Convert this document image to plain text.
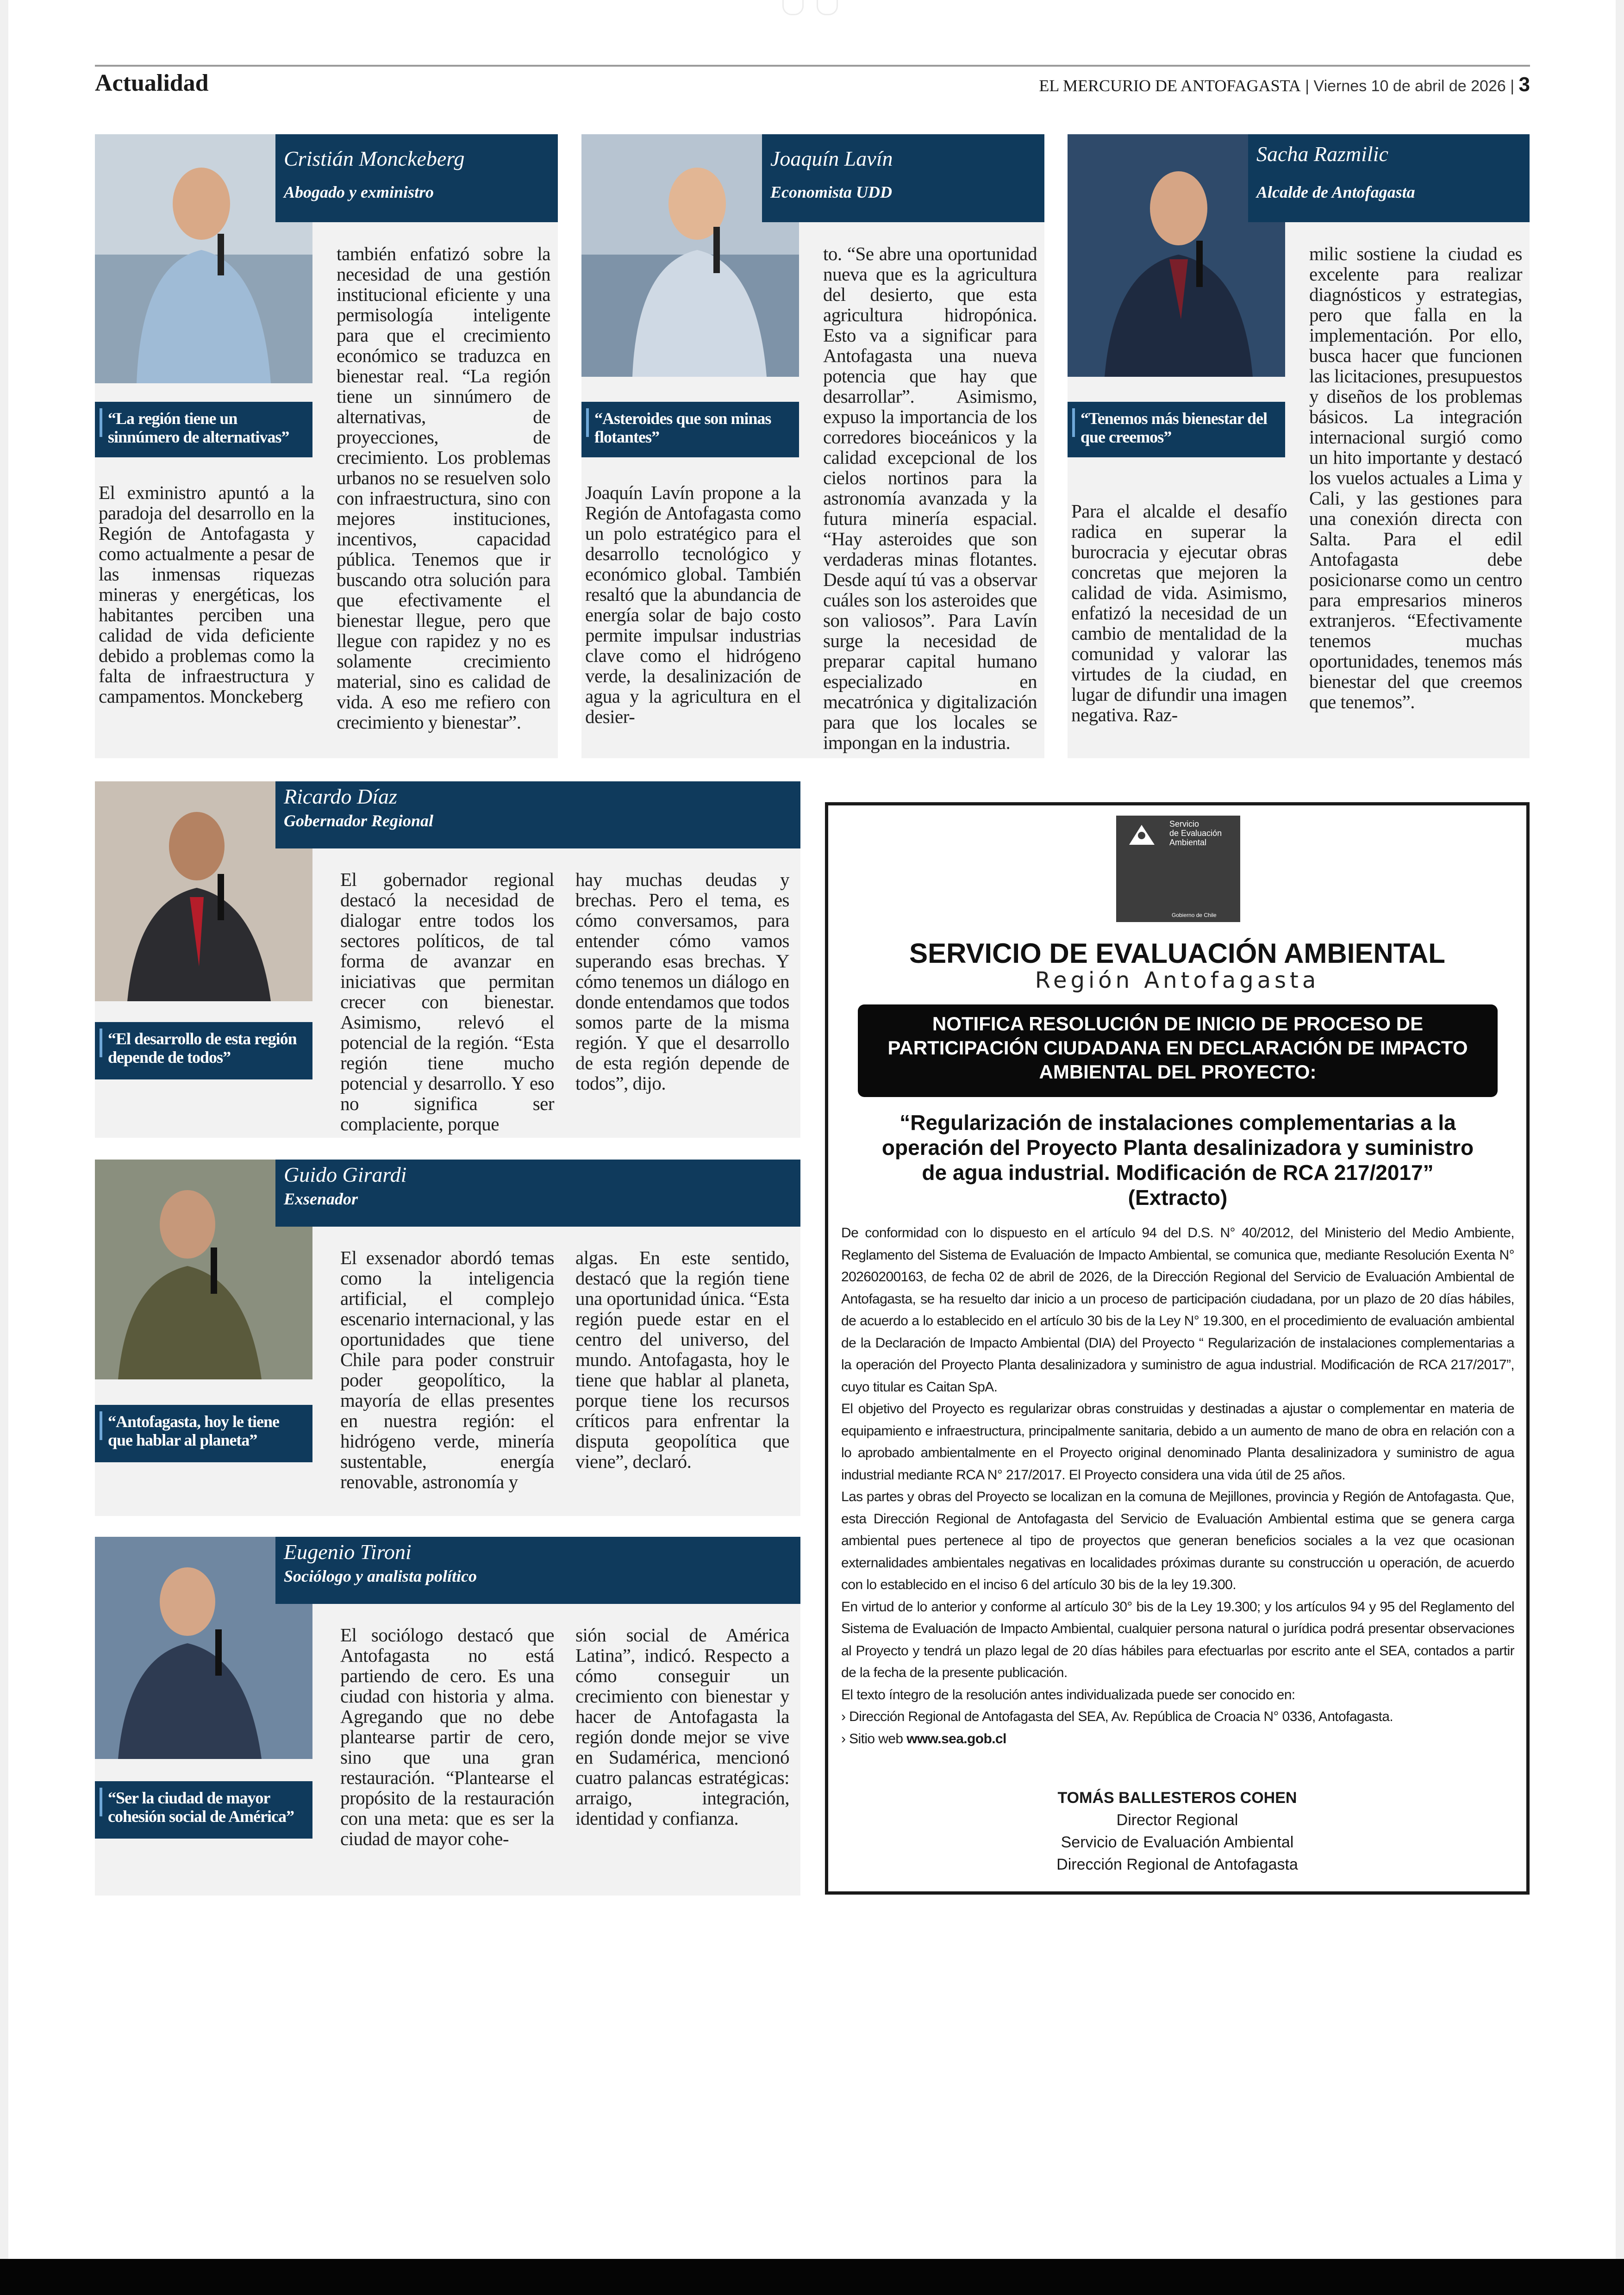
Actualidad	EL MERCURIO DE ANTOFAGASTA | Viernes 10 de abril de 2026 | 3
Cristián Monckeberg
Abogado y exministro
“La región tiene un sinnúmero de alternativas”
El exministro apuntó a la paradoja del desarrollo en la Región de Antofagasta y como actualmente a pesar de las inmensas riquezas mineras y energéticas, los habitantes perciben una calidad de vida deficiente debido a problemas como la falta de infraestructura y campamentos. Monckeberg
también enfatizó sobre la necesidad de una gestión institucional eficiente y una permisología inteligente para que el crecimiento económico se traduzca en bienestar real. “La región tiene un sinnúmero de alternativas, de proyecciones, de crecimiento. Los problemas urbanos no se resuelven solo con infraestructura, sino con mejores instituciones, incentivos, capacidad pública. Tenemos que ir buscando otra solución para que efectivamente el bienestar llegue, pero que llegue con rapidez y no es solamente crecimiento material, sino es calidad de vida. A eso me refiero con crecimiento y bienestar”.
Joaquín Lavín
Economista UDD
“Asteroides que son minas flotantes”
Joaquín Lavín propone a la Región de Antofagasta como un polo estratégico para el desarrollo tecnológico y económico global. También resaltó que la abundancia de energía solar de bajo costo permite impulsar industrias clave como el hidrógeno verde, la desalinización de agua y la agricultura en el desier-
to. “Se abre una oportunidad nueva que es la agricultura del desierto, que esta agricultura hidropónica. Esto va a significar para Antofagasta una nueva potencia que hay que desarrollar”. Asimismo, expuso la importancia de los corredores bioceánicos y la calidad excepcional de los cielos nortinos para la astronomía avanzada y la futura minería espacial. “Hay asteroides que son verdaderas minas flotantes. Desde aquí tú vas a observar cuáles son los asteroides que son valiosos”. Para Lavín surge la necesidad de preparar capital humano especializado en mecatrónica y digitalización para que los locales se impongan en la industria.
Sacha Razmilic
Alcalde de Antofagasta
“Tenemos más bienestar del que creemos”
Para el alcalde el desafío radica en superar la burocracia y ejecutar obras concretas que mejoren la calidad de vida. Asimismo, enfatizó la necesidad de un cambio de mentalidad de la comunidad y valorar las virtudes de la ciudad, en lugar de difundir una imagen negativa. Raz-
milic sostiene la ciudad es excelente para realizar diagnósticos y estrategias, pero que falla en la implementación. Por ello, busca hacer que funcionen las licitaciones, presupuestos y diseños de los problemas básicos. La integración internacional surgió como un hito importante y destacó los vuelos actuales a Lima y Cali, y las gestiones para una conexión directa con Salta. Para el edil Antofagasta debe posicionarse como un centro para empresarios mineros extranjeros. “Efectivamente tenemos muchas oportunidades, tenemos más bienestar del que creemos que tenemos”.
Ricardo Díaz
Gobernador Regional
“El desarrollo de esta región depende de todos”
El gobernador regional destacó la necesidad de dialogar entre todos los sectores políticos, de tal forma de avanzar en iniciativas que permitan crecer con bienestar. Asimismo, relevó el potencial de la región. “Esta región tiene mucho potencial y desarrollo. Y eso no significa ser complaciente, porque
hay muchas deudas y brechas. Pero el tema, es cómo conversamos, para entender cómo vamos superando esas brechas. Y cómo tenemos un diálogo en donde entendamos que todos somos parte de la misma región. Y que el desarrollo de esta región depende de todos”, dijo.
Guido Girardi
Exsenador
“Antofagasta, hoy le tiene que hablar al planeta”
El exsenador abordó temas como la inteligencia artificial, el complejo escenario internacional, y las oportunidades que tiene Chile para poder construir poder geopolítico, la mayoría de ellas presentes en nuestra región: el hidrógeno verde, minería sustentable, energía renovable, astronomía y
algas. En este sentido, destacó que la región tiene una oportunidad única. “Esta región puede estar en el centro del universo, del mundo. Antofagasta, hoy le tiene que hablar al planeta, porque tiene los recursos críticos para enfrentar la disputa geopolítica que viene”, declaró.
Eugenio Tironi
Sociólogo y analista político
“Ser la ciudad de mayor cohesión social de América”
El sociólogo destacó que Antofagasta no está partiendo de cero. Es una ciudad con historia y alma. Agregando que no debe plantearse partir de cero, sino que una gran restauración. “Plantearse el propósito de la restauración con una meta: que es ser la ciudad de mayor cohe-
sión social de América Latina”, indicó. Respecto a cómo conseguir un crecimiento con bienestar y hacer de Antofagasta la región donde mejor se vive en Sudamérica, mencionó cuatro palancas estratégicas: arraigo, integración, identidad y confianza.
Servicio
de Evaluación
Ambiental
Gobierno de Chile
SERVICIO DE EVALUACIÓN AMBIENTAL
Región Antofagasta
NOTIFICA RESOLUCIÓN DE INICIO DE PROCESO DE
PARTICIPACIÓN CIUDADANA EN DECLARACIÓN DE IMPACTO
AMBIENTAL DEL PROYECTO:
“Regularización de instalaciones complementarias a la
operación del Proyecto Planta desalinizadora y suministro
de agua industrial. Modificación de RCA 217/2017”
(Extracto)

De conformidad con lo dispuesto en el artículo 94 del D.S. N° 40/2012, del Ministerio del Medio Ambiente, Reglamento del Sistema de Evaluación de Impacto Ambiental, se comunica que, mediante Resolución Exenta N° 20260200163, de fecha 02 de abril de 2026, de la Dirección Regional del Servicio de Evaluación Ambiental de Antofagasta, se ha resuelto dar inicio a un proceso de participación ciudadana, por un plazo de 20 días hábiles, de acuerdo a lo establecido en el artículo 30 bis de la Ley N° 19.300, en el procedimiento de evaluación ambiental de la Declaración de Impacto Ambiental (DIA) del Proyecto “ Regularización de instalaciones complementarias a la operación del Proyecto Planta desalinizadora y suministro de agua industrial. Modificación de RCA 217/2017”, cuyo titular es Caitan SpA.

El objetivo del Proyecto es regularizar obras construidas y destinadas a ajustar o complementar en materia de equipamiento e infraestructura, principalmente sanitaria, debido a un aumento de mano de obra en relación con a lo aprobado ambientalmente en el Proyecto original denominado Planta desalinizadora y suministro de agua industrial mediante RCA N° 217/2017. El Proyecto considera una vida útil de 25 años.

Las partes y obras del Proyecto se localizan en la comuna de Mejillones, provincia y Región de Antofagasta. Que, esta Dirección Regional de Antofagasta del Servicio de Evaluación Ambiental estima que se genera carga ambiental pues pertenece al tipo de proyectos que generan beneficios sociales a la vez que ocasionan externalidades ambientales negativas en localidades próximas durante su construcción u operación, de acuerdo con lo establecido en el inciso 6 del artículo 30 bis de la ley 19.300.

En virtud de lo anterior y conforme al artículo 30° bis de la Ley 19.300; y los artículos 94 y 95 del Reglamento del Sistema de Evaluación de Impacto Ambiental, cualquier persona natural o jurídica podrá presentar observaciones al Proyecto y tendrá un plazo legal de 20 días hábiles para efectuarlas por escrito ante el SEA, contados a partir de la fecha de la presente publicación.

El texto íntegro de la resolución antes individualizada puede ser conocido en:

› Dirección Regional de Antofagasta del SEA, Av. República de Croacia N° 0336, Antofagasta.

› Sitio web www.sea.gob.cl

TOMÁS BALLESTEROS COHEN
Director Regional
Servicio de Evaluación Ambiental
Dirección Regional de Antofagasta
